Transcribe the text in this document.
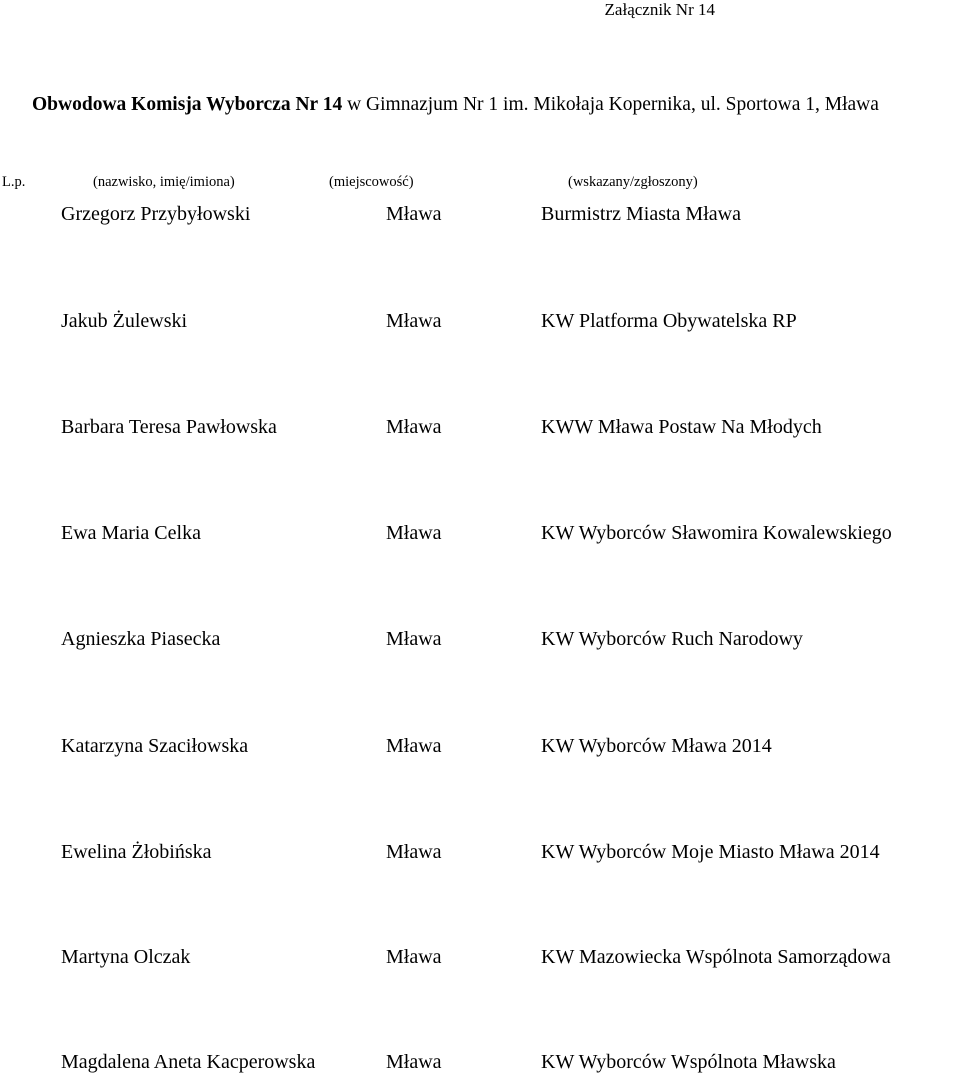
Załącznik Nr 14
Obwodowa Komisja Wyborcza Nr 14 w Gimnazjum Nr 1 im. Mikołaja Kopernika, ul. Sportowa 1, Mława
L.p.	(nazwisko, imię/imiona)	(miejscowość)	(wskazany/zgłoszony)
Grzegorz Przybyłowski	Mława	Burmistrz Miasta Mława
Jakub Żulewski	Mława	KW Platforma Obywatelska RP
Barbara Teresa Pawłowska	Mława	KWW Mława Postaw Na Młodych
Ewa Maria Celka	Mława	KW Wyborców Sławomira Kowalewskiego
Agnieszka Piasecka	Mława	KW Wyborców Ruch Narodowy
Katarzyna Szaciłowska	Mława	KW Wyborców Mława 2014
Ewelina Żłobińska	Mława	KW Wyborców Moje Miasto Mława 2014
Martyna Olczak	Mława	KW Mazowiecka Wspólnota Samorządowa
Magdalena Aneta Kacperowska	Mława	KW Wyborców Wspólnota Mławska
